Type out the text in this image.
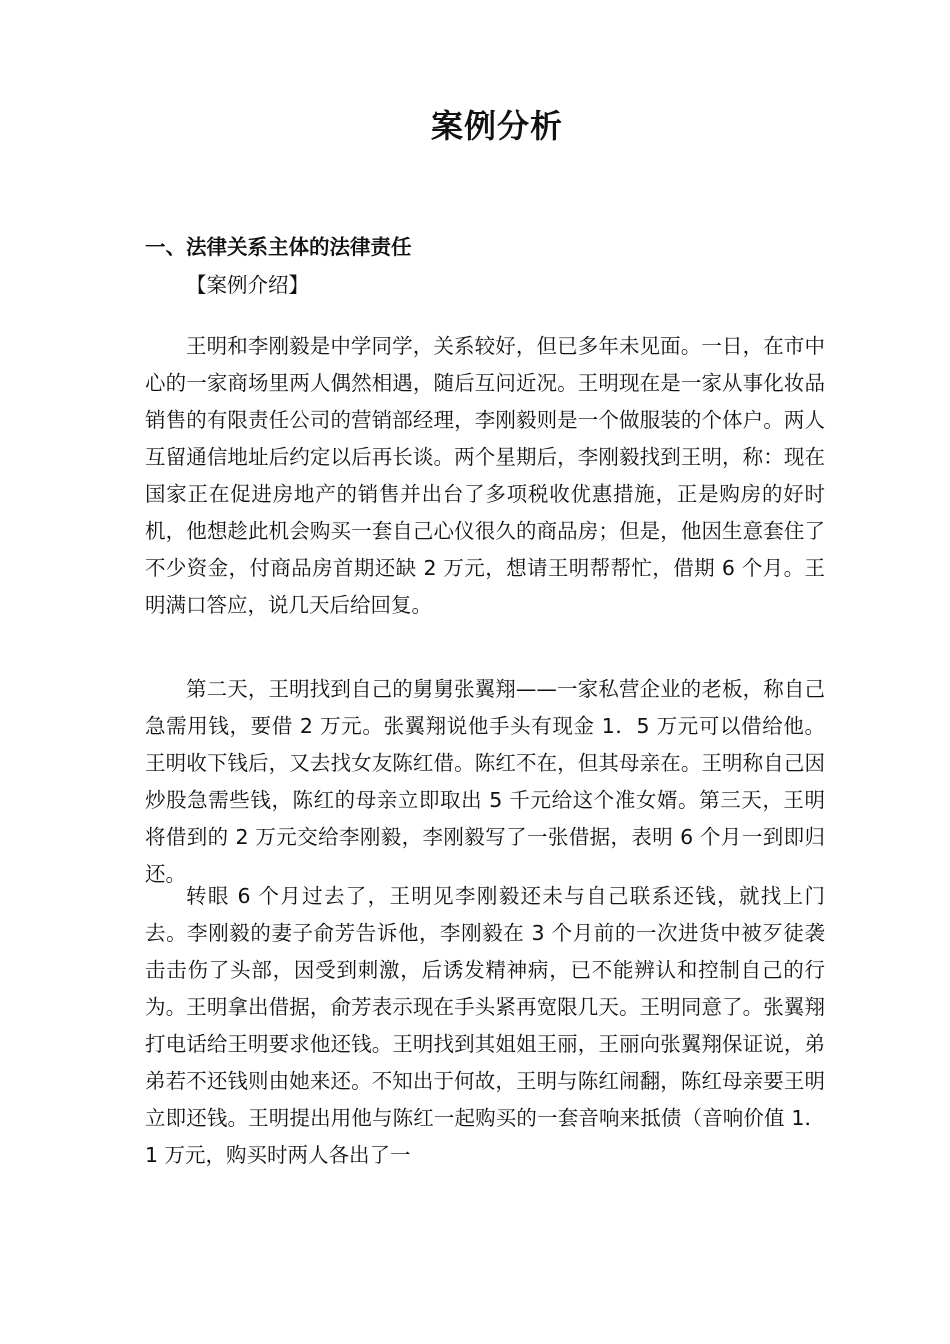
案例分析
一、法律关系主体的法律责任
【案例介绍】

王明和李刚毅是中学同学，关系较好，但已多年未见面。一日，在市中心的一家商场里两人偶然相遇，随后互问近况。王明现在是一家从事化妆品销售的有限责任公司的营销部经理，李刚毅则是一个做服装的个体户。两人互留通信地址后约定以后再长谈。两个星期后，李刚毅找到王明，称：现在国家正在促进房地产的销售并出台了多项税收优惠措施，正是购房的好时机，他想趁此机会购买一套自己心仪很久的商品房；但是，他因生意套住了不少资金，付商品房首期还缺 2 万元，想请王明帮帮忙，借期 6 个月。王明满口答应，说几天后给回复。

第二天，王明找到自己的舅舅张翼翔——一家私营企业的老板，称自己急需用钱，要借 2 万元。张翼翔说他手头有现金 1．5 万元可以借给他。王明收下钱后，又去找女友陈红借。陈红不在，但其母亲在。王明称自己因炒股急需些钱，陈红的母亲立即取出 5 千元给这个准女婿。第三天，王明将借到的 2 万元交给李刚毅，李刚毅写了一张借据，表明 6 个月一到即归还。

转眼 6 个月过去了，王明见李刚毅还未与自己联系还钱，就找上门去。李刚毅的妻子俞芳告诉他，李刚毅在 3 个月前的一次进货中被歹徒袭击击伤了头部，因受到刺激，后诱发精神病，已不能辨认和控制自己的行为。王明拿出借据，俞芳表示现在手头紧再宽限几天。王明同意了。张翼翔打电话给王明要求他还钱。王明找到其姐姐王丽，王丽向张翼翔保证说，弟弟若不还钱则由她来还。不知出于何故，王明与陈红闹翻，陈红母亲要王明立即还钱。王明提出用他与陈红一起购买的一套音响来抵债（音响价值 1．1 万元，购买时两人各出了一
